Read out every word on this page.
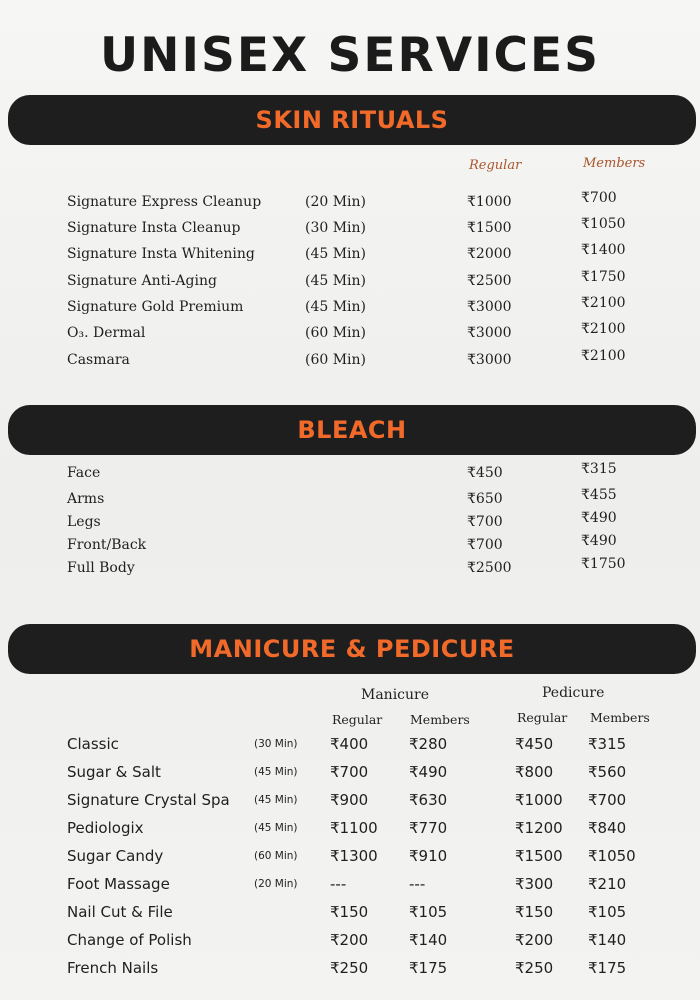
UNISEX SERVICES
SKIN RITUALS
Regular	Members
Signature Express Cleanup	(20 Min)	₹1000	₹700
Signature Insta Cleanup	(30 Min)	₹1500	₹1050
Signature Insta Whitening	(45 Min)	₹2000	₹1400
Signature Anti-Aging	(45 Min)	₹2500	₹1750
Signature Gold Premium	(45 Min)	₹3000	₹2100
O₃. Dermal	(60 Min)	₹3000	₹2100
Casmara	(60 Min)	₹3000	₹2100
BLEACH
Face	₹450	₹315
Arms	₹650	₹455
Legs	₹700	₹490
Front/Back	₹700	₹490
Full Body	₹2500	₹1750
MANICURE & PEDICURE
Manicure	Pedicure
Regular Members	Regular Members
Classic	(30 Min) ₹400	₹280	₹450 ₹315
Sugar & Salt	(45 Min) ₹700	₹490	₹800 ₹560
Signature Crystal Spa (45 Min) ₹900	₹630	₹1000 ₹700
Pediologix	(45 Min) ₹1100 ₹770	₹1200 ₹840
Sugar Candy	(60 Min) ₹1300 ₹910	₹1500 ₹1050
Foot Massage	(20 Min) ---	---	₹300 ₹210
Nail Cut & File	₹150	₹105	₹150 ₹105
Change of Polish	₹200	₹140	₹200 ₹140
French Nails	₹250	₹175	₹250 ₹175
